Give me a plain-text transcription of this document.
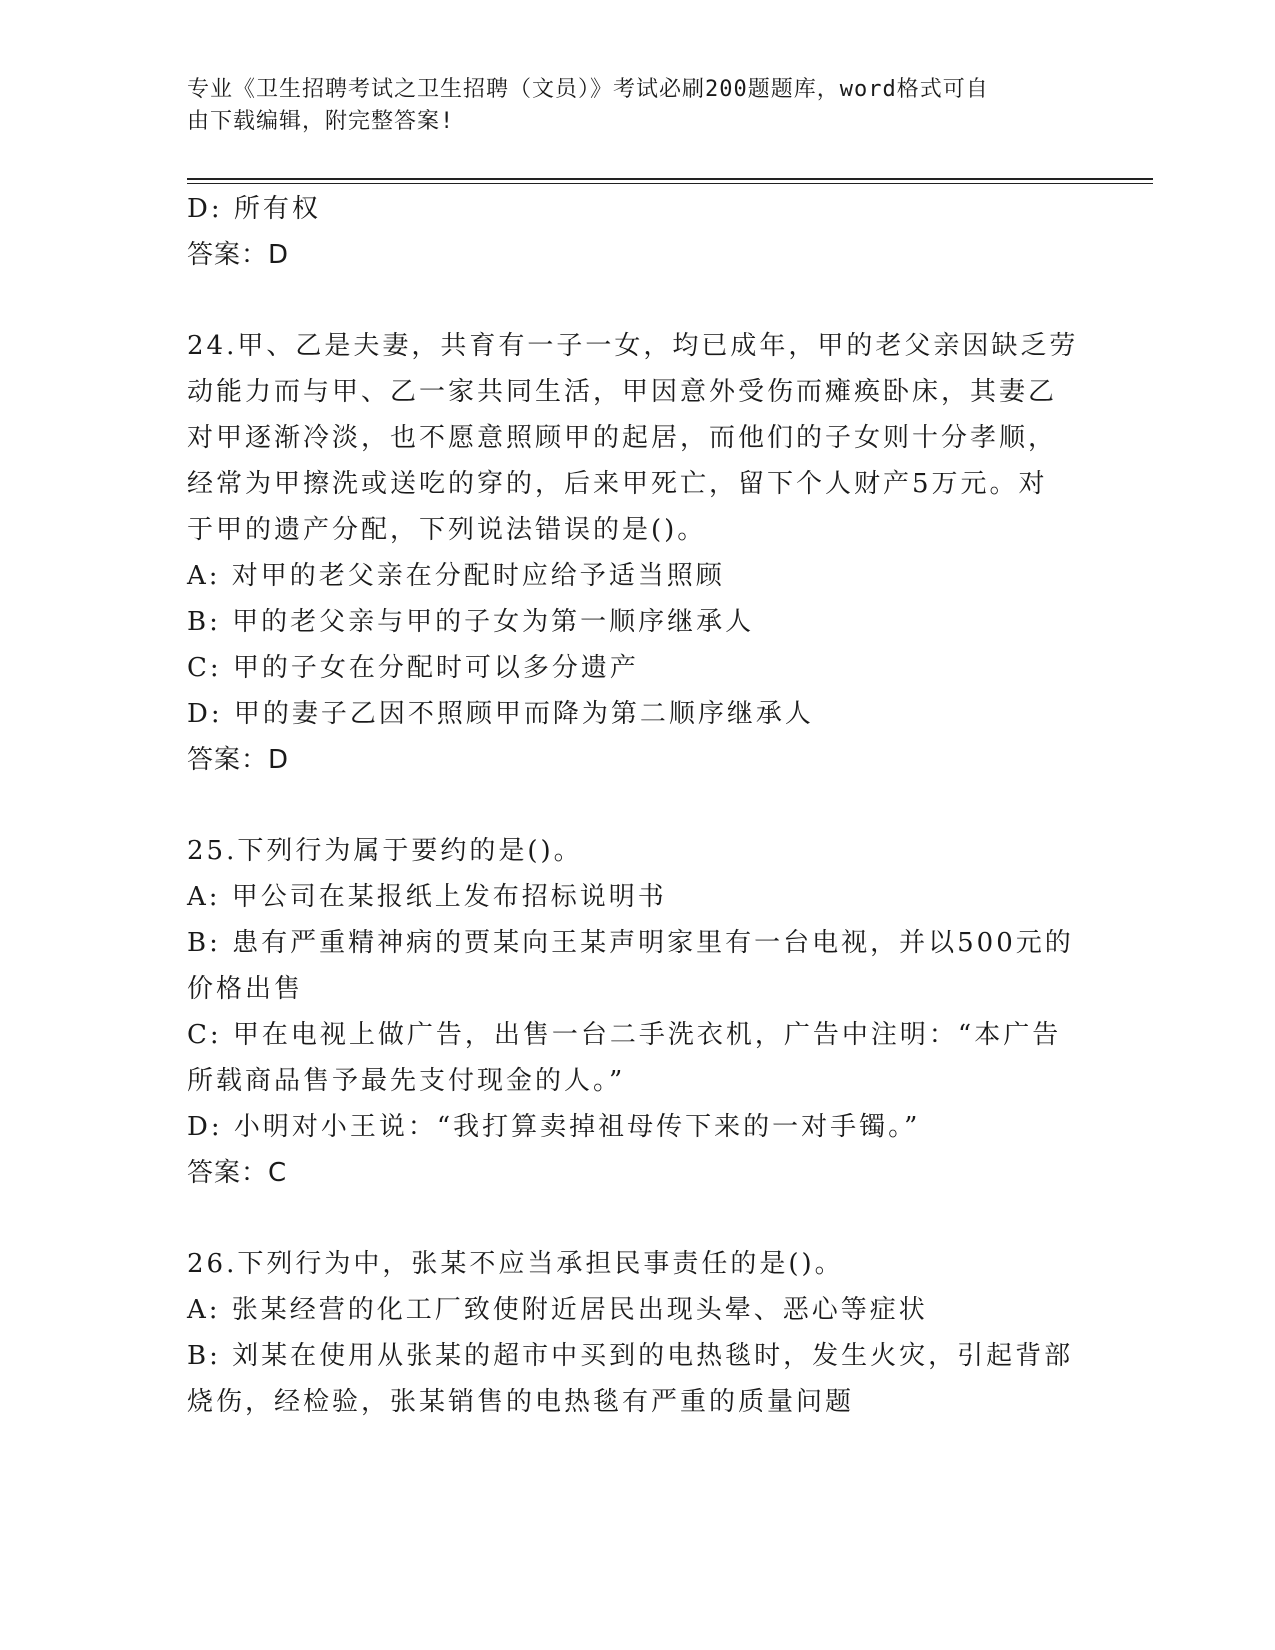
专业《卫生招聘考试之卫生招聘（文员）》考试必刷200题题库，word格式可自
由下载编辑，附完整答案!
D: 所有权
答案：D
24.甲、乙是夫妻，共育有一子一女，均已成年，甲的老父亲因缺乏劳
动能力而与甲、乙一家共同生活，甲因意外受伤而瘫痪卧床，其妻乙
对甲逐渐冷淡，也不愿意照顾甲的起居，而他们的子女则十分孝顺，
经常为甲擦洗或送吃的穿的，后来甲死亡，留下个人财产5万元。对
于甲的遗产分配，下列说法错误的是()。
A: 对甲的老父亲在分配时应给予适当照顾
B: 甲的老父亲与甲的子女为第一顺序继承人
C: 甲的子女在分配时可以多分遗产
D: 甲的妻子乙因不照顾甲而降为第二顺序继承人
答案：D
25.下列行为属于要约的是()。
A: 甲公司在某报纸上发布招标说明书
B: 患有严重精神病的贾某向王某声明家里有一台电视，并以500元的
价格出售
C: 甲在电视上做广告，出售一台二手洗衣机，广告中注明：“本广告
所载商品售予最先支付现金的人。”
D: 小明对小王说：“我打算卖掉祖母传下来的一对手镯。”
答案：C
26.下列行为中，张某不应当承担民事责任的是()。
A: 张某经营的化工厂致使附近居民出现头晕、恶心等症状
B: 刘某在使用从张某的超市中买到的电热毯时，发生火灾，引起背部
烧伤，经检验，张某销售的电热毯有严重的质量问题
